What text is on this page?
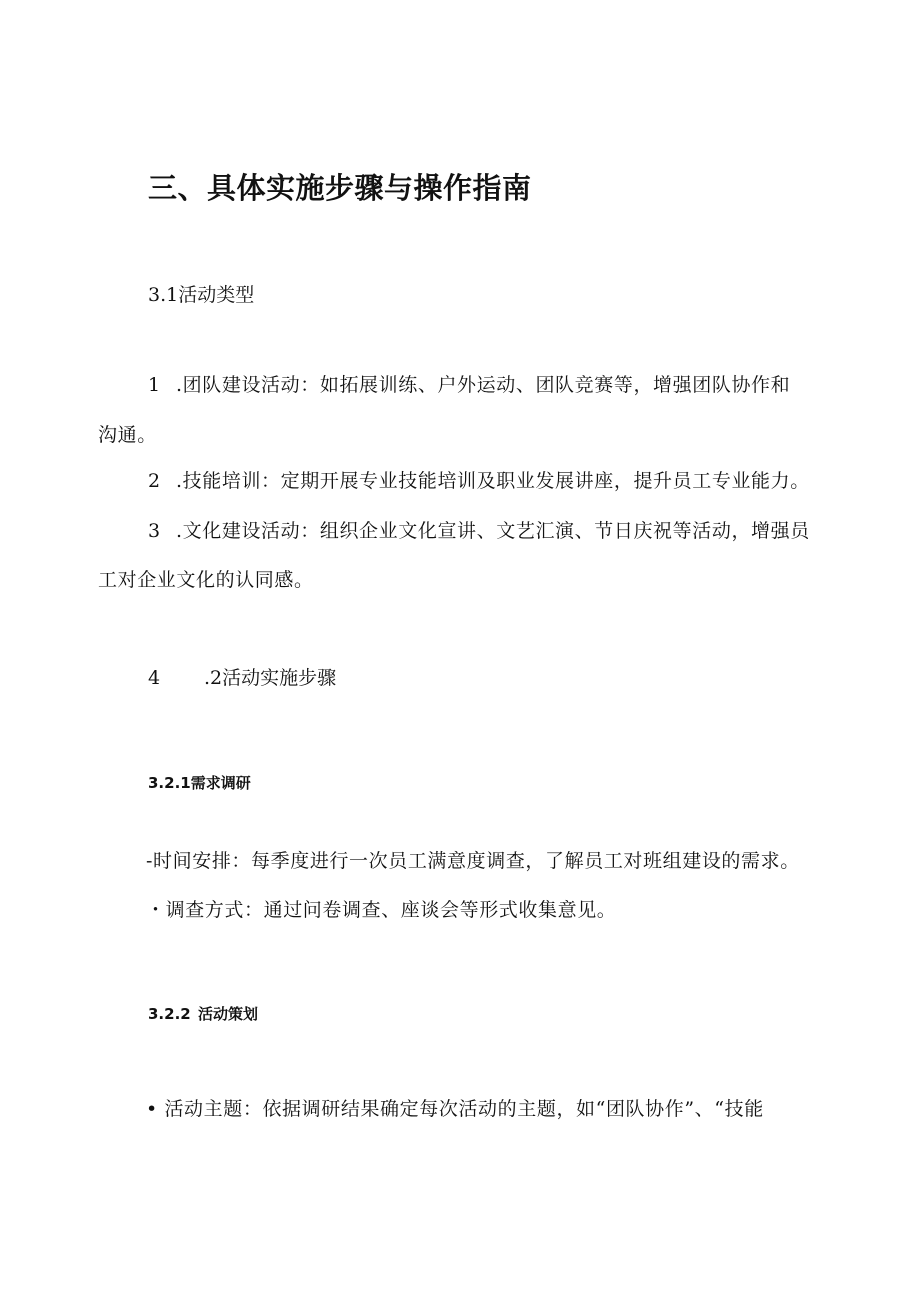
三、具体实施步骤与操作指南
3.1活动类型
1 .团队建设活动：如拓展训练、户外运动、团队竞赛等，增强团队协作和
沟通。
2 .技能培训：定期开展专业技能培训及职业发展讲座，提升员工专业能力。
3 .文化建设活动：组织企业文化宣讲、文艺汇演、节日庆祝等活动，增强员
工对企业文化的认同感。
4 .2活动实施步骤
3.2.1需求调研
-时间安排：每季度进行一次员工满意度调查，了解员工对班组建设的需求。
・调查方式：通过问卷调查、座谈会等形式收集意见。
3.2.2 活动策划
• 活动主题：依据调研结果确定每次活动的主题，如“团队协作”、“技能
